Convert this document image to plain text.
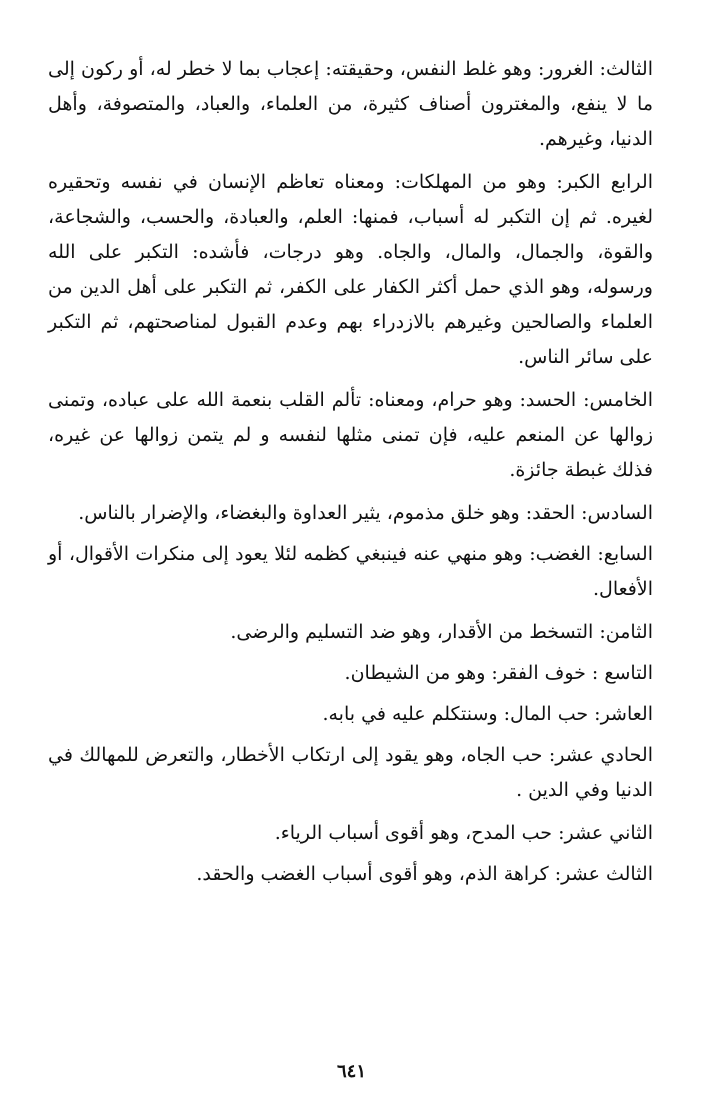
الثالث: الغرور: وهو غلط النفس، وحقيقته: إعجاب بما لا خطر له، أو ركون إلى ما لا ينفع، والمغترون أصناف كثيرة، من العلماء، والعباد، والمتصوفة، وأهل الدنيا، وغيرهم.

الرابع الكبر: وهو من المهلكات: ومعناه تعاظم الإنسان في نفسه وتحقيره لغيره. ثم إن التكبر له أسباب، فمنها: العلم، والعبادة، والحسب، والشجاعة، والقوة، والجمال، والمال، والجاه. وهو درجات، فأشده: التكبر على الله ورسوله، وهو الذي حمل أكثر الكفار على الكفر، ثم التكبر على أهل الدين من العلماء والصالحين وغيرهم بالازدراء بهم وعدم القبول لمناصحتهم، ثم التكبر على سائر الناس.

الخامس: الحسد: وهو حرام، ومعناه: تألم القلب بنعمة الله على عباده، وتمنى زوالها عن المنعم عليه، فإن تمنى مثلها لنفسه و لم يتمن زوالها عن غيره، فذلك غبطة جائزة.

السادس: الحقد: وهو خلق مذموم، يثير العداوة والبغضاء، والإضرار بالناس.

السابع: الغضب: وهو منهي عنه فينبغي كظمه لئلا يعود إلى منكرات الأقوال، أو الأفعال.

الثامن: التسخط من الأقدار، وهو ضد التسليم والرضى.

التاسع : خوف الفقر: وهو من الشيطان.

العاشر: حب المال: وسنتكلم عليه في بابه.

الحادي عشر: حب الجاه، وهو يقود إلى ارتكاب الأخطار، والتعرض للمهالك في الدنيا وفي الدين .

الثاني عشر: حب المدح، وهو أقوى أسباب الرياء.

الثالث عشر: كراهة الذم، وهو أقوى أسباب الغضب والحقد.

٦٤١
